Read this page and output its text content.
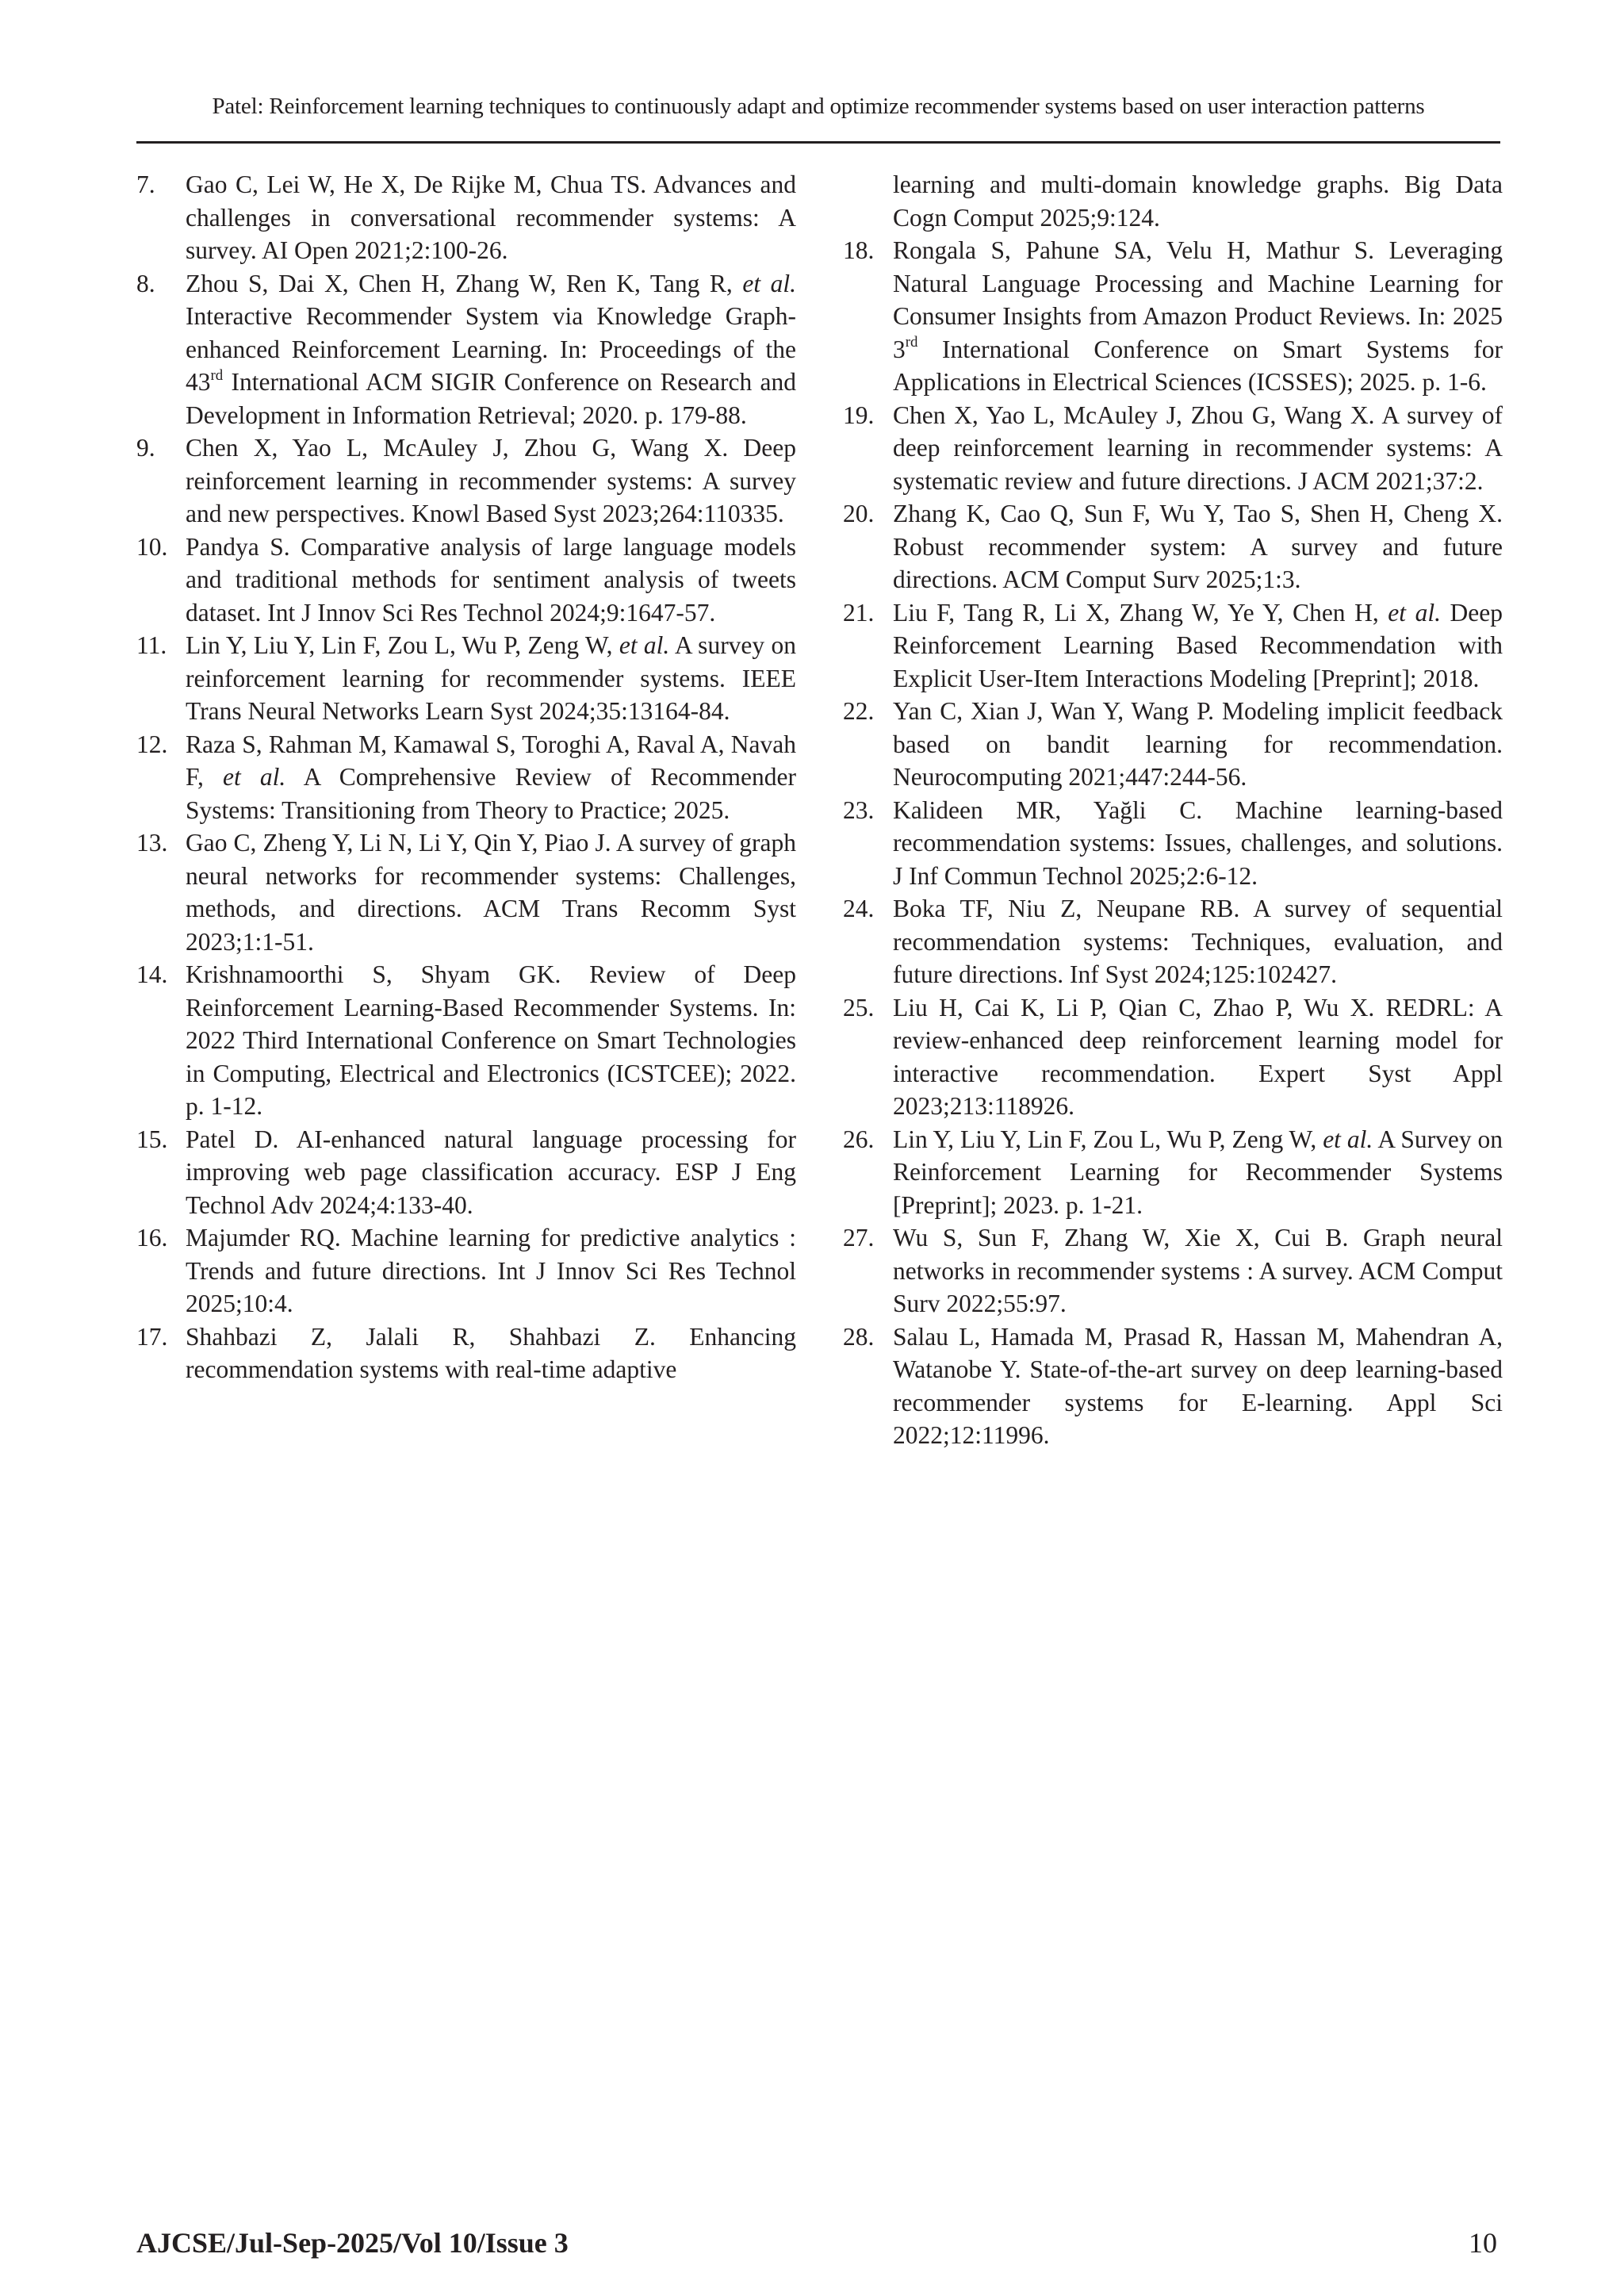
Patel: Reinforcement learning techniques to continuously adapt and optimize recommender systems based on user interaction patterns
7. Gao C, Lei W, He X, De Rijke M, Chua TS. Advances and challenges in conversational recommender systems: A survey. AI Open 2021;2:100-26.
8. Zhou S, Dai X, Chen H, Zhang W, Ren K, Tang R, et al. Interactive Recommender System via Knowledge Graph-enhanced Reinforcement Learning. In: Proceedings of the 43rd International ACM SIGIR Conference on Research and Development in Information Retrieval; 2020. p. 179-88.
9. Chen X, Yao L, McAuley J, Zhou G, Wang X. Deep reinforcement learning in recommender systems: A survey and new perspectives. Knowl Based Syst 2023;264:110335.
10. Pandya S. Comparative analysis of large language models and traditional methods for sentiment analysis of tweets dataset. Int J Innov Sci Res Technol 2024;9:1647-57.
11. Lin Y, Liu Y, Lin F, Zou L, Wu P, Zeng W, et al. A survey on reinforcement learning for recommender systems. IEEE Trans Neural Networks Learn Syst 2024;35:13164-84.
12. Raza S, Rahman M, Kamawal S, Toroghi A, Raval A, Navah F, et al. A Comprehensive Review of Recommender Systems: Transitioning from Theory to Practice; 2025.
13. Gao C, Zheng Y, Li N, Li Y, Qin Y, Piao J. A survey of graph neural networks for recommender systems: Challenges, methods, and directions. ACM Trans Recomm Syst 2023;1:1-51.
14. Krishnamoorthi S, Shyam GK. Review of Deep Reinforcement Learning-Based Recommender Systems. In: 2022 Third International Conference on Smart Technologies in Computing, Electrical and Electronics (ICSTCEE); 2022. p. 1-12.
15. Patel D. AI-enhanced natural language processing for improving web page classification accuracy. ESP J Eng Technol Adv 2024;4:133-40.
16. Majumder RQ. Machine learning for predictive analytics : Trends and future directions. Int J Innov Sci Res Technol 2025;10:4.
17. Shahbazi Z, Jalali R, Shahbazi Z. Enhancing recommendation systems with real-time adaptive
learning and multi-domain knowledge graphs. Big Data Cogn Comput 2025;9:124.
18. Rongala S, Pahune SA, Velu H, Mathur S. Leveraging Natural Language Processing and Machine Learning for Consumer Insights from Amazon Product Reviews. In: 2025 3rd International Conference on Smart Systems for Applications in Electrical Sciences (ICSSES); 2025. p. 1-6.
19. Chen X, Yao L, McAuley J, Zhou G, Wang X. A survey of deep reinforcement learning in recommender systems: A systematic review and future directions. J ACM 2021;37:2.
20. Zhang K, Cao Q, Sun F, Wu Y, Tao S, Shen H, Cheng X. Robust recommender system: A survey and future directions. ACM Comput Surv 2025;1:3.
21. Liu F, Tang R, Li X, Zhang W, Ye Y, Chen H, et al. Deep Reinforcement Learning Based Recommendation with Explicit User-Item Interactions Modeling [Preprint]; 2018.
22. Yan C, Xian J, Wan Y, Wang P. Modeling implicit feedback based on bandit learning for recommendation. Neurocomputing 2021;447:244-56.
23. Kalideen MR, Yağli C. Machine learning-based recommendation systems: Issues, challenges, and solutions. J Inf Commun Technol 2025;2:6-12.
24. Boka TF, Niu Z, Neupane RB. A survey of sequential recommendation systems: Techniques, evaluation, and future directions. Inf Syst 2024;125:102427.
25. Liu H, Cai K, Li P, Qian C, Zhao P, Wu X. REDRL: A review-enhanced deep reinforcement learning model for interactive recommendation. Expert Syst Appl 2023;213:118926.
26. Lin Y, Liu Y, Lin F, Zou L, Wu P, Zeng W, et al. A Survey on Reinforcement Learning for Recommender Systems [Preprint]; 2023. p. 1-21.
27. Wu S, Sun F, Zhang W, Xie X, Cui B. Graph neural networks in recommender systems : A survey. ACM Comput Surv 2022;55:97.
28. Salau L, Hamada M, Prasad R, Hassan M, Mahendran A, Watanobe Y. State-of-the-art survey on deep learning-based recommender systems for E-learning. Appl Sci 2022;12:11996.
AJCSE/Jul-Sep-2025/Vol 10/Issue 3	10
